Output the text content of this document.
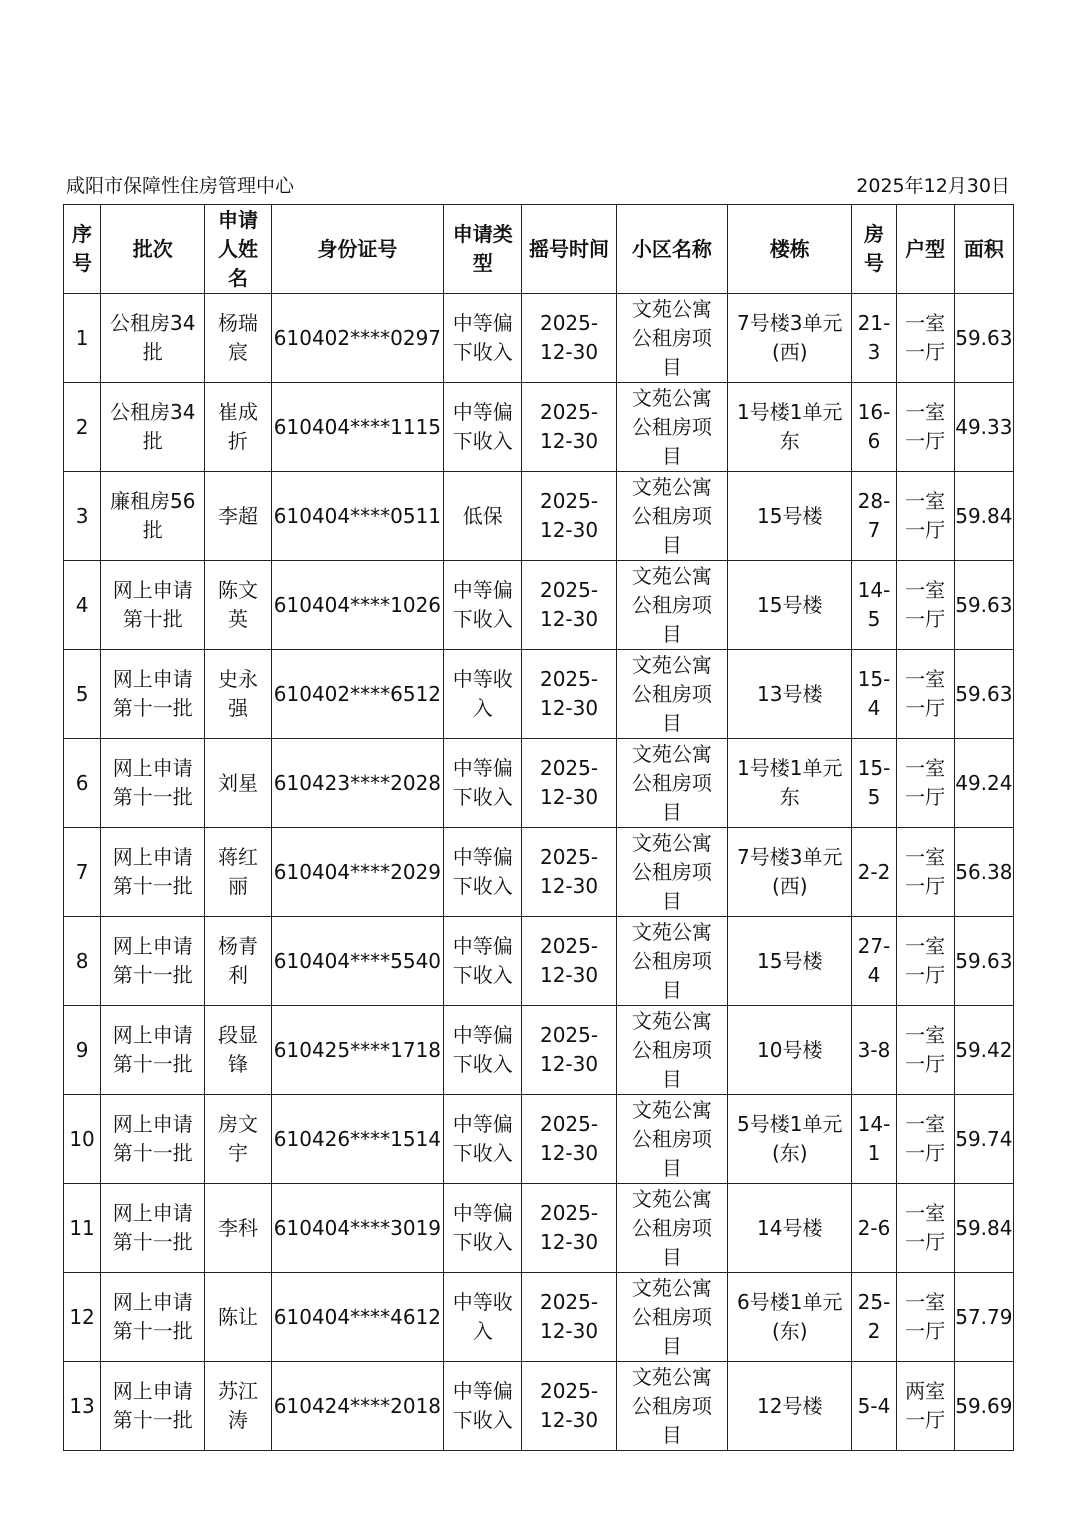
咸阳市保障性住房管理中心	2025年12月30日
序
号	批次	申请
人姓
名	身份证号	申请类
型	摇号时间	小区名称	楼栋	房
号	户型	面积
1	公租房34
批	杨瑞
宸	610402****0297	中等偏
下收入	2025-
12-30	文苑公寓
公租房项
目	7号楼3单元
(西)	21-
3	一室
一厅	59.63
2	公租房34
批	崔成
折	610404****1115	中等偏
下收入	2025-
12-30	文苑公寓
公租房项
目	1号楼1单元
东	16-
6	一室
一厅	49.33
3	廉租房56
批	李超	610404****0511	低保	2025-
12-30	文苑公寓
公租房项
目	15号楼	28-
7	一室
一厅	59.84
4	网上申请
第十批	陈文
英	610404****1026	中等偏
下收入	2025-
12-30	文苑公寓
公租房项
目	15号楼	14-
5	一室
一厅	59.63
5	网上申请
第十一批	史永
强	610402****6512	中等收
入	2025-
12-30	文苑公寓
公租房项
目	13号楼	15-
4	一室
一厅	59.63
6	网上申请
第十一批	刘星	610423****2028	中等偏
下收入	2025-
12-30	文苑公寓
公租房项
目	1号楼1单元
东	15-
5	一室
一厅	49.24
7	网上申请
第十一批	蒋红
丽	610404****2029	中等偏
下收入	2025-
12-30	文苑公寓
公租房项
目	7号楼3单元
(西)	2-2	一室
一厅	56.38
8	网上申请
第十一批	杨青
利	610404****5540	中等偏
下收入	2025-
12-30	文苑公寓
公租房项
目	15号楼	27-
4	一室
一厅	59.63
9	网上申请
第十一批	段显
锋	610425****1718	中等偏
下收入	2025-
12-30	文苑公寓
公租房项
目	10号楼	3-8	一室
一厅	59.42
10	网上申请
第十一批	房文
宇	610426****1514	中等偏
下收入	2025-
12-30	文苑公寓
公租房项
目	5号楼1单元
(东)	14-
1	一室
一厅	59.74
11	网上申请
第十一批	李科	610404****3019	中等偏
下收入	2025-
12-30	文苑公寓
公租房项
目	14号楼	2-6	一室
一厅	59.84
12	网上申请
第十一批	陈让	610404****4612	中等收
入	2025-
12-30	文苑公寓
公租房项
目	6号楼1单元
(东)	25-
2	一室
一厅	57.79
13	网上申请
第十一批	苏江
涛	610424****2018	中等偏
下收入	2025-
12-30	文苑公寓
公租房项
目	12号楼	5-4	两室
一厅	59.69
